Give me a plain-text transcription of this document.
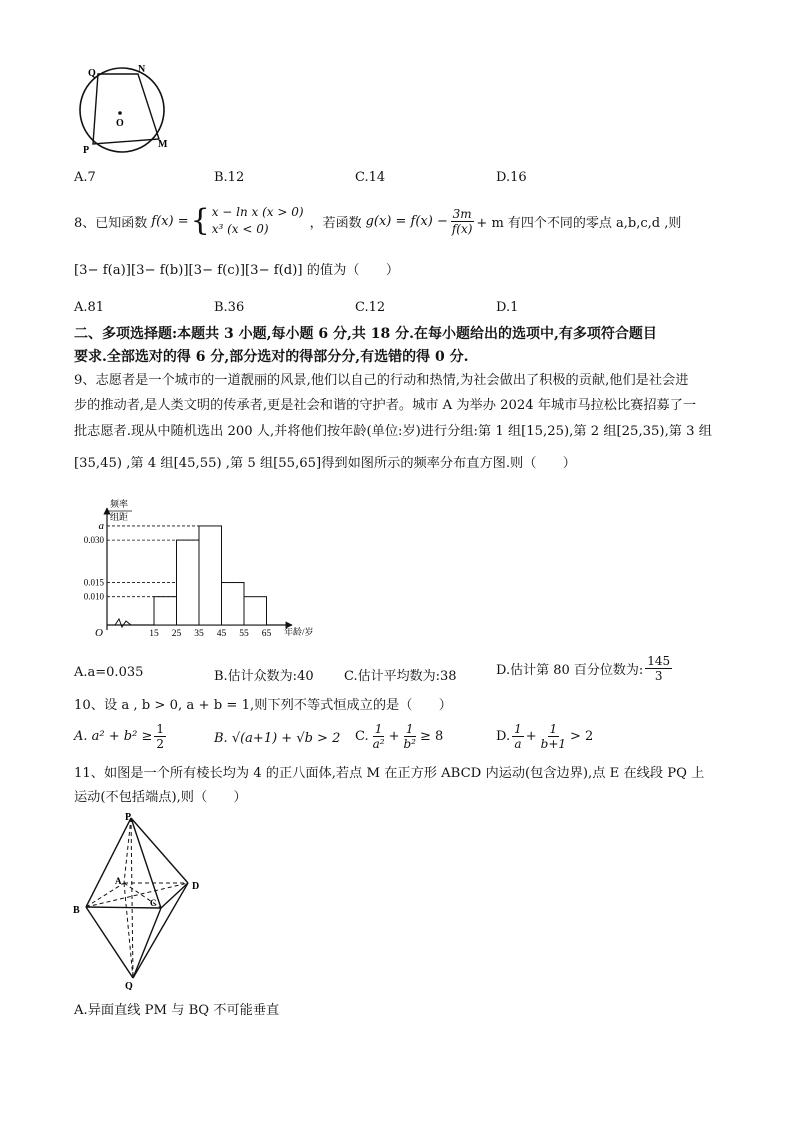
Q	N
O
P
M
A.7	B.12	C.14	D.16
8、已知函数 f(x) = { x − ln x (x > 0)
x³ (x < 0)	，若函数 $g(x) = f(x) - \frac{3m}{f(x)} + m$ 有四个不同的零点 a,b,c,d ,则
[3− f(a)][3− f(b)][3− f(c)][3− f(d)] 的值为（　　）
A.81	B.36	C.12	D.1
二、多项选择题:本题共 3 小题,每小题 6 分,共 18 分.在每小题给出的选项中,有多项符合题目
要求.全部选对的得 6 分,部分选对的得部分分,有选错的得 0 分.
9、志愿者是一个城市的一道靓丽的风景,他们以自己的行动和热情,为社会做出了积极的贡献,他们是社会进
步的推动者,是人类文明的传承者,更是社会和谐的守护者。城市 A 为举办 2024 年城市马拉松比赛招募了一
批志愿者.现从中随机选出 200 人,并将他们按年龄(单位:岁)进行分组:第 1 组[15,25),第 2 组[25,35),第 3 组
[35,45) ,第 4 组[45,55) ,第 5 组[55,65]得到如图所示的频率分布直方图.则（　　）
频率
组距
年龄/岁
O
a
0.030
0.015
0.010
15 25 35 45 55 65
A.a=0.035	B.估计众数为:40 C.估计平均数为:38	D.估计第 80 百分位数为: $\frac{145}{3}$
10、设 a , b > 0, a + b = 1,则下列不等式恒成立的是（　　）
A. $a^2 + b^2 \ge \frac{1}{2}$	B. √(a+1) + √b > 2 C. $\frac{1}{\text{a²}} + \frac{1}{\text{b²}} \ge 8$	D. $\frac{1}{a} + \frac{1}{b+1} > 2$
11、如图是一个所有棱长均为 4 的正八面体,若点 M 在正方形 ABCD 内运动(包含边界),点 E 在线段 PQ 上
运动(不包括端点),则（　　）
P
A	D
B
C
Q
A.异面直线 PM 与 BQ 不可能垂直
